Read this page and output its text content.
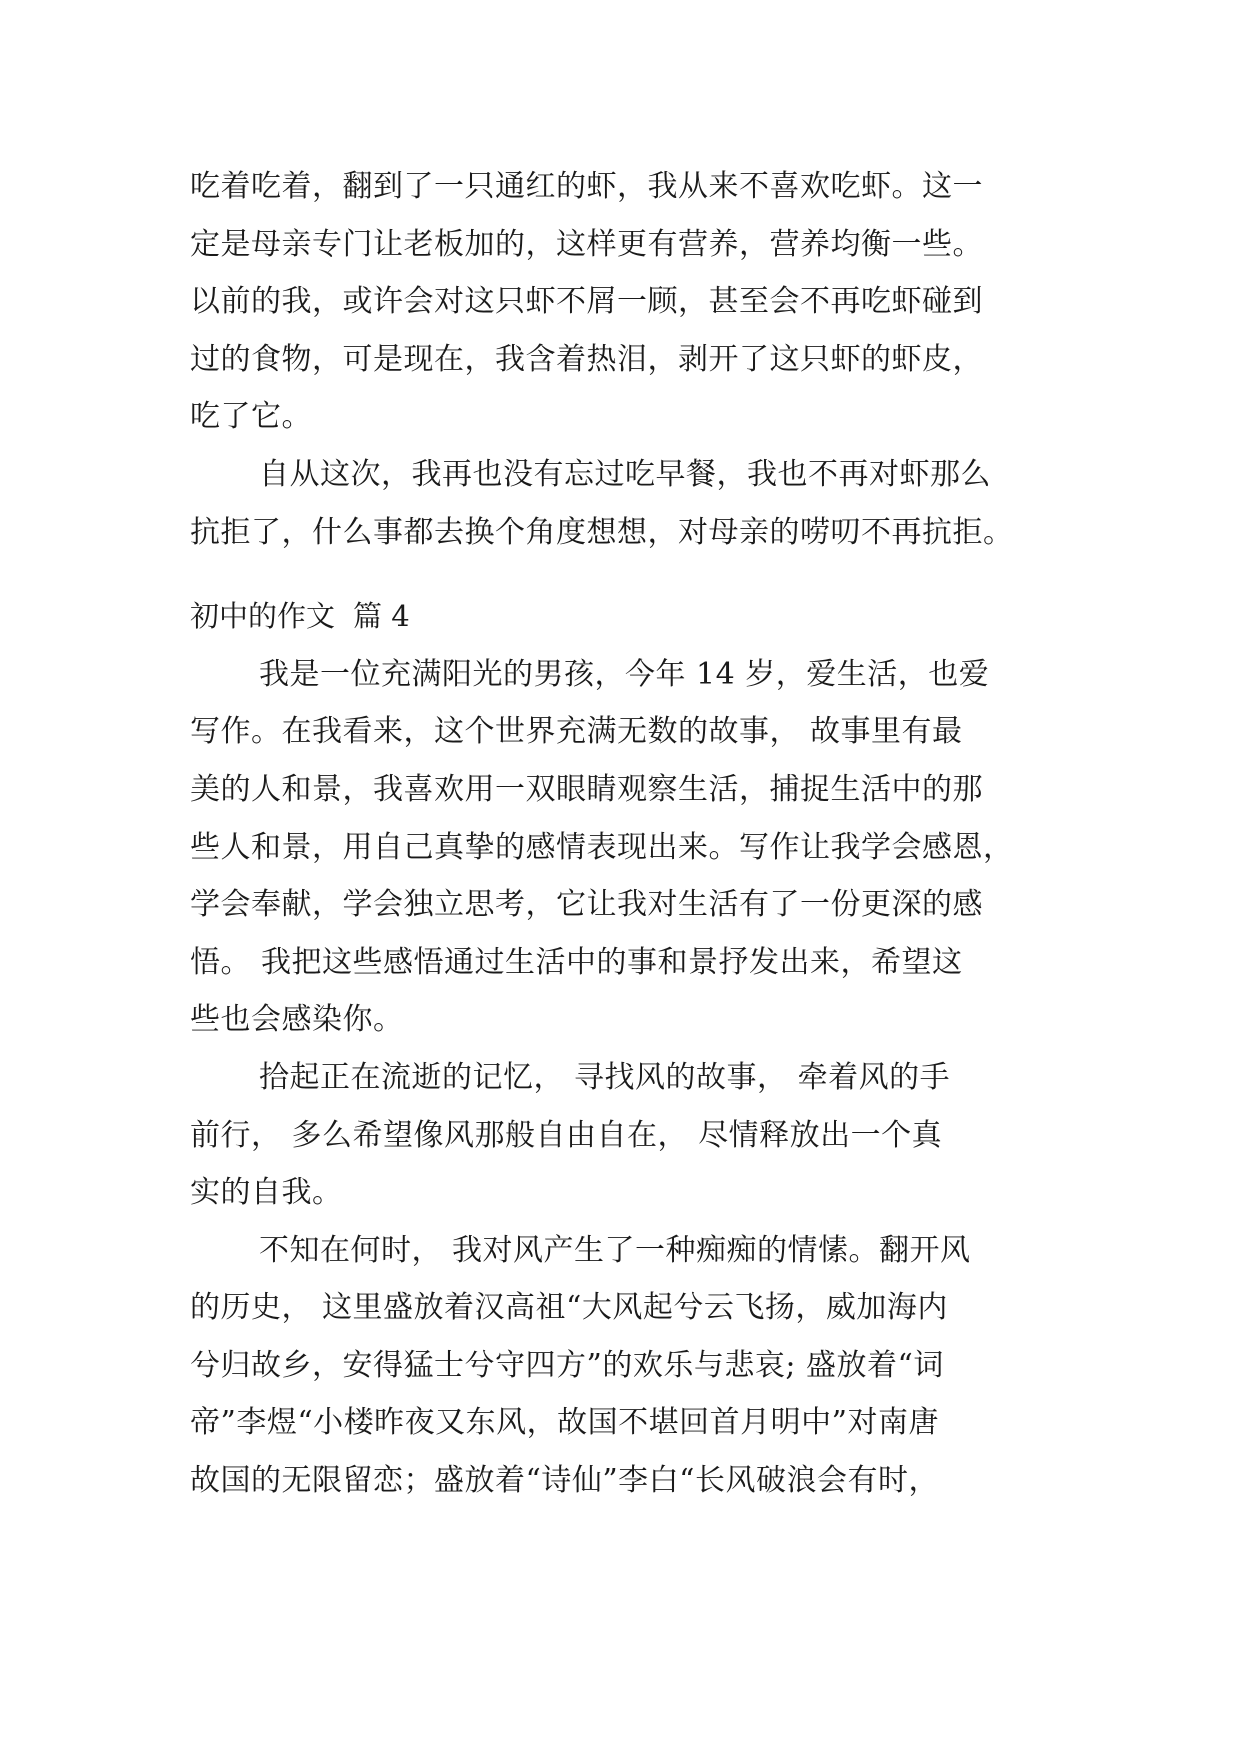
吃着吃着，翻到了一只通红的虾，我从来不喜欢吃虾。这一
定是母亲专门让老板加的，这样更有营养，营养均衡一些。
以前的我，或许会对这只虾不屑一顾，甚至会不再吃虾碰到
过的食物，可是现在，我含着热泪，剥开了这只虾的虾皮，
吃了它。
自从这次，我再也没有忘过吃早餐，我也不再对虾那么
抗拒了，什么事都去换个角度想想，对母亲的唠叨不再抗拒。
初中的作文 篇 4
我是一位充满阳光的男孩，今年 14 岁，爱生活，也爱
写作。在我看来，这个世界充满无数的故事， 故事里有最
美的人和景，我喜欢用一双眼睛观察生活，捕捉生活中的那
些人和景，用自己真挚的感情表现出来。写作让我学会感恩，
学会奉献，学会独立思考，它让我对生活有了一份更深的感
悟。 我把这些感悟通过生活中的事和景抒发出来，希望这
些也会感染你。
拾起正在流逝的记忆， 寻找风的故事， 牵着风的手
前行， 多么希望像风那般自由自在， 尽情释放出一个真
实的自我。
不知在何时， 我对风产生了一种痴痴的情愫。翻开风
的历史， 这里盛放着汉高祖“大风起兮云飞扬，威加海内
兮归故乡，安得猛士兮守四方”的欢乐与悲哀; 盛放着“词
帝”李煜“小楼昨夜又东风，故国不堪回首月明中”对南唐
故国的无限留恋；盛放着“诗仙”李白“长风破浪会有时，
